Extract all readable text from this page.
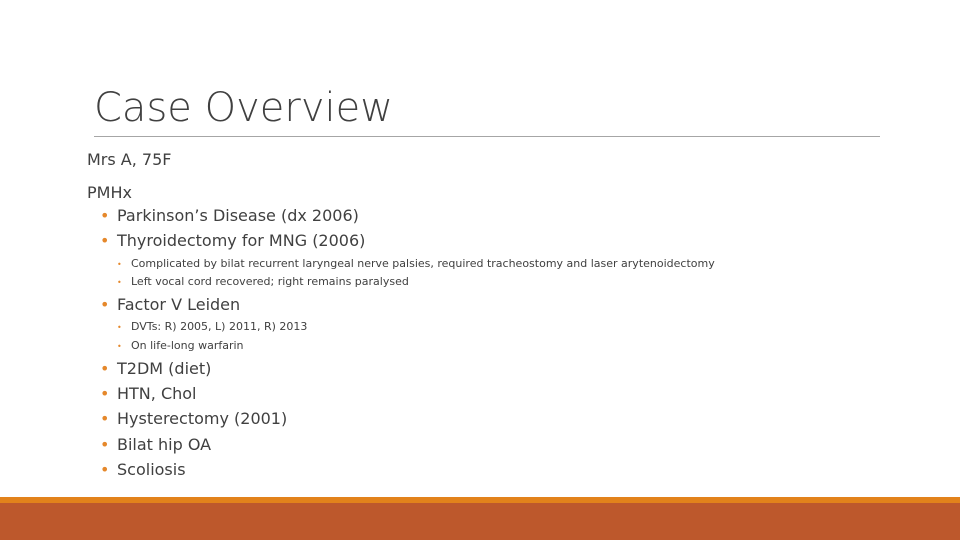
Case Overview
Mrs A, 75F
PMHx
• Parkinson’s Disease (dx 2006)
• Thyroidectomy for MNG (2006)
• Complicated by bilat recurrent laryngeal nerve palsies, required tracheostomy and laser arytenoidectomy
• Left vocal cord recovered; right remains paralysed
• Factor V Leiden
• DVTs: R) 2005, L) 2011, R) 2013
• On life-long warfarin
• T2DM (diet)
• HTN, Chol
• Hysterectomy (2001)
• Bilat hip OA
• Scoliosis
